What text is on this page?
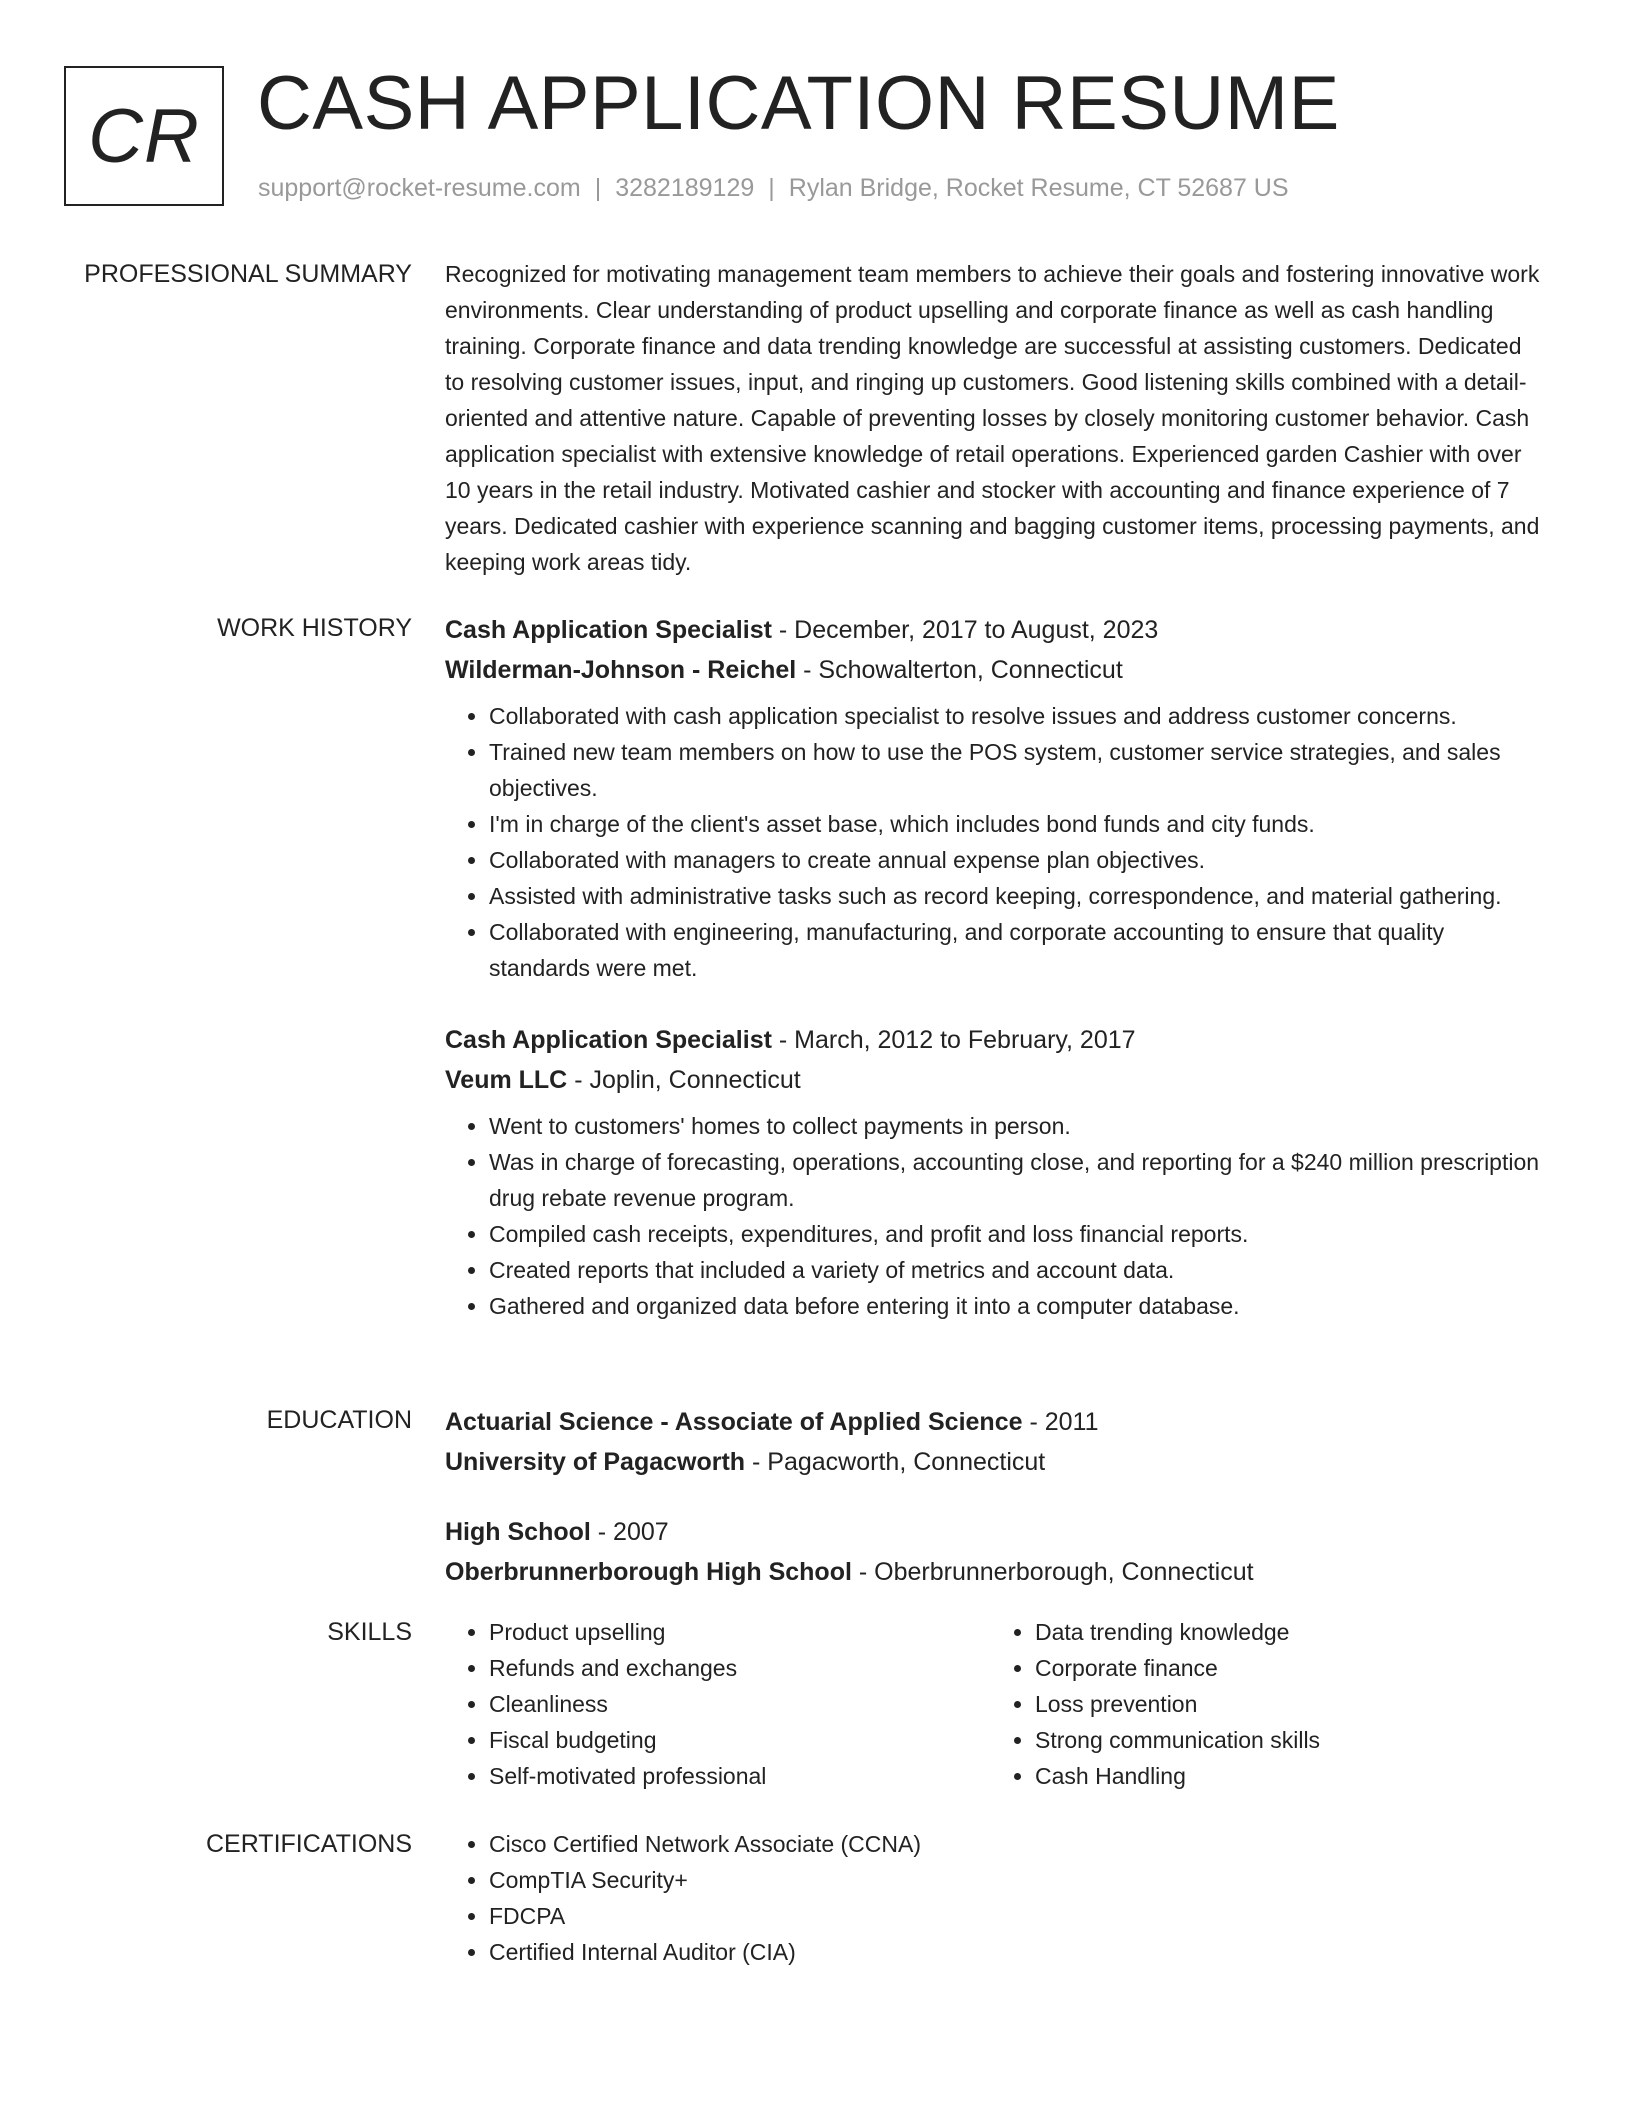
CR CASH APPLICATION RESUME
support@rocket-resume.com | 3282189129 | Rylan Bridge, Rocket Resume, CT 52687 US
PROFESSIONAL SUMMARY Recognized for motivating management team members to achieve their goals and fostering innovative work environments. Clear understanding of product upselling and corporate finance as well as cash handling training. Corporate finance and data trending knowledge are successful at assisting customers. Dedicated to resolving customer issues, input, and ringing up customers. Good listening skills combined with a detail-oriented and attentive nature. Capable of preventing losses by closely monitoring customer behavior. Cash application specialist with extensive knowledge of retail operations. Experienced garden Cashier with over 10 years in the retail industry. Motivated cashier and stocker with accounting and finance experience of 7 years. Dedicated cashier with experience scanning and bagging customer items, processing payments, and keeping work areas tidy.

WORK HISTORY Cash Application Specialist - December, 2017 to August, 2023
Wilderman-Johnson - Reichel - Schowalterton, Connecticut
• Collaborated with cash application specialist to resolve issues and address customer concerns.
• Trained new team members on how to use the POS system, customer service strategies, and sales objectives.
• I'm in charge of the client's asset base, which includes bond funds and city funds.
• Collaborated with managers to create annual expense plan objectives.
• Assisted with administrative tasks such as record keeping, correspondence, and material gathering.
• Collaborated with engineering, manufacturing, and corporate accounting to ensure that quality standards were met.
Cash Application Specialist - March, 2012 to February, 2017
Veum LLC - Joplin, Connecticut
• Went to customers' homes to collect payments in person.
• Was in charge of forecasting, operations, accounting close, and reporting for a $240 million prescription drug rebate revenue program.
• Compiled cash receipts, expenditures, and profit and loss financial reports.
• Created reports that included a variety of metrics and account data.
• Gathered and organized data before entering it into a computer database.
EDUCATION Actuarial Science - Associate of Applied Science - 2011
University of Pagacworth - Pagacworth, Connecticut
High School - 2007
Oberbrunnerborough High School - Oberbrunnerborough, Connecticut
SKILLS	• Product upselling
• Refunds and exchanges
• Cleanliness
• Fiscal budgeting
• Self-motivated professional
• Data trending knowledge
• Corporate finance
• Loss prevention
• Strong communication skills
• Cash Handling
CERTIFICATIONS	• Cisco Certified Network Associate (CCNA)
• CompTIA Security+
• FDCPA
• Certified Internal Auditor (CIA)
